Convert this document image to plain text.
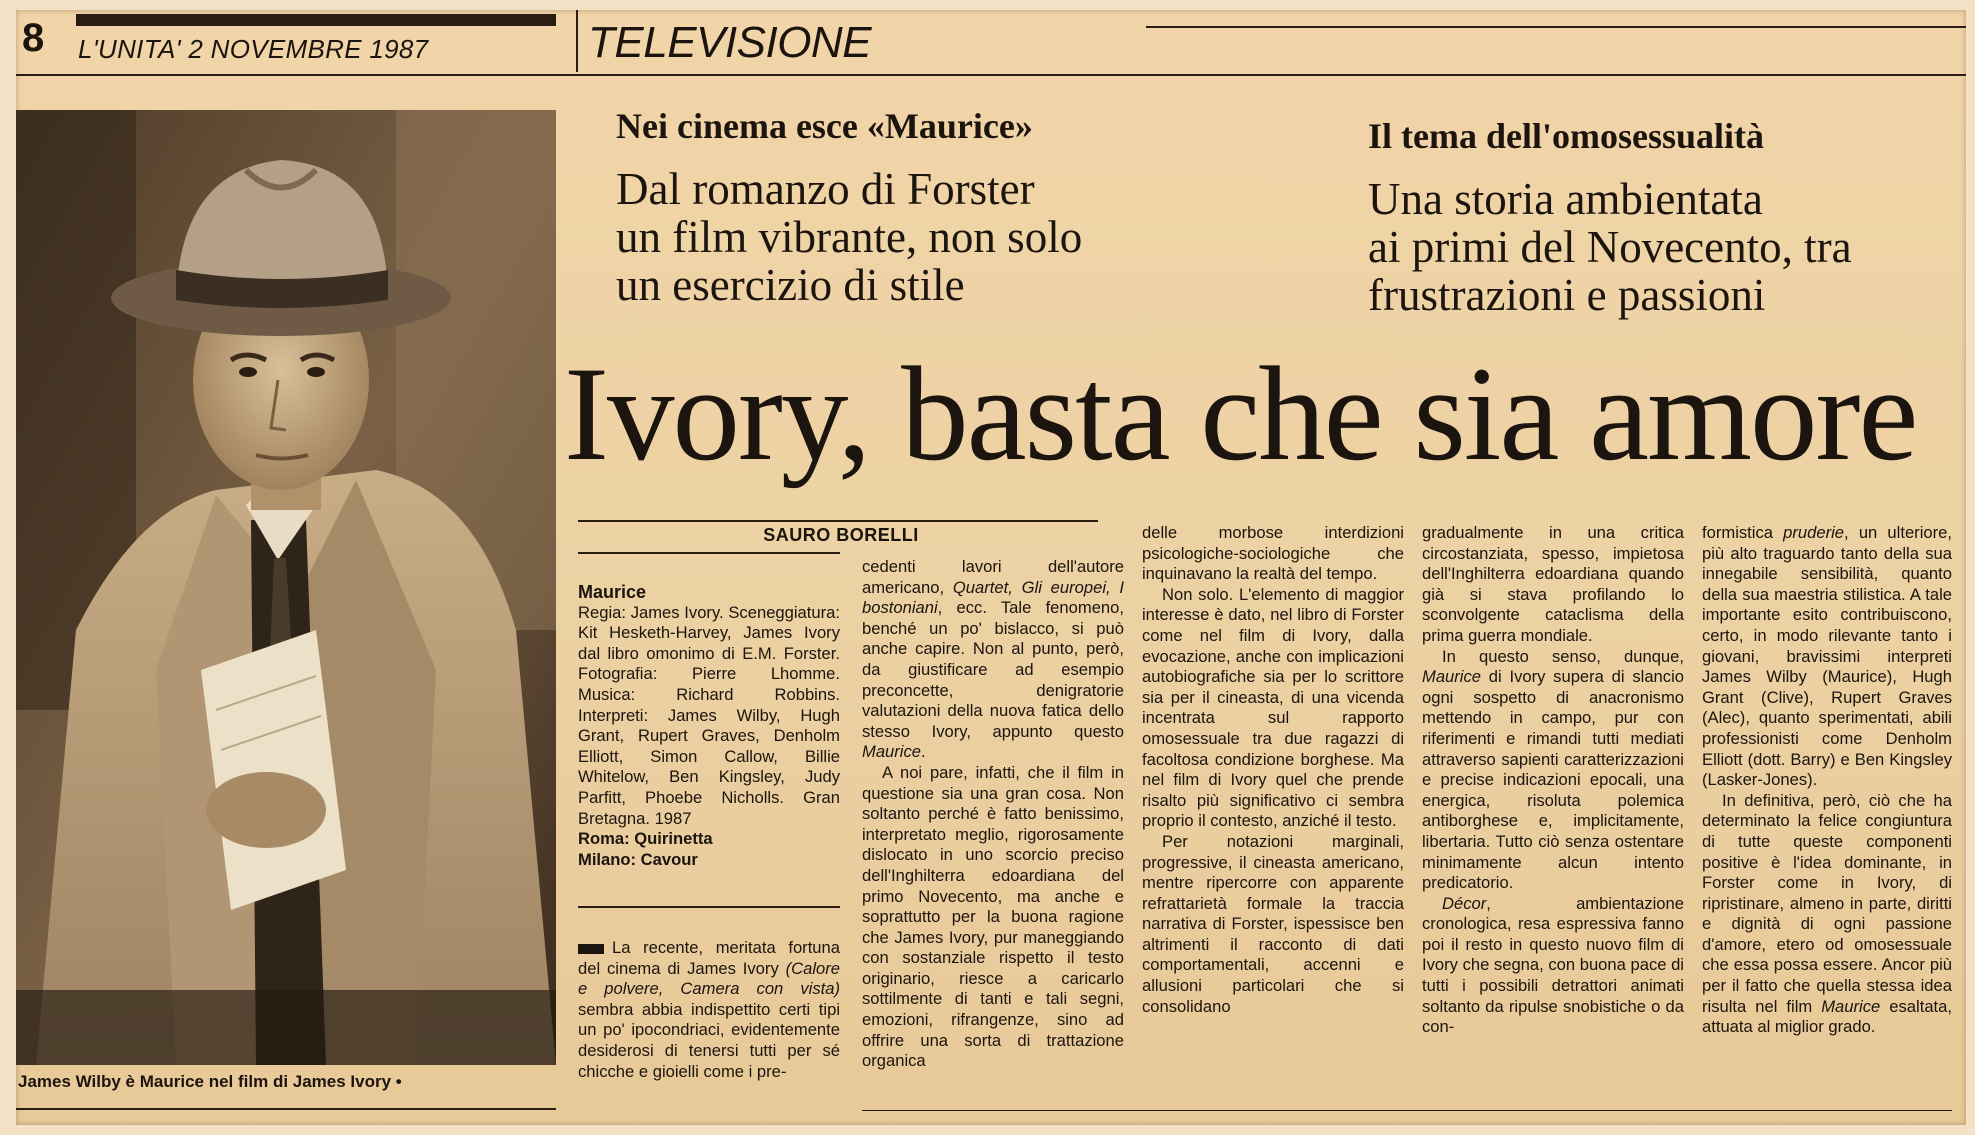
8 L'UNITA' 2 NOVEMBRE 1987	TELEVISIONE
James Wilby è Maurice nel film di James Ivory •
Nei cinema esce «Maurice»
Dal romanzo di Forster
un film vibrante, non solo
un esercizio di stile
Il tema dell'omosessualità
Una storia ambientata
ai primi del Novecento, tra
frustrazioni e passioni
Ivory, basta che sia amore
SAURO BORELLI
Maurice
Regia: James Ivory. Sceneggiatura: Kit Hesketh-Harvey, James Ivory dal libro omonimo di E.M. Forster. Fotografia: Pierre Lhomme. Musica: Richard Robbins. Interpreti: James Wilby, Hugh Grant, Rupert Graves, Denholm Elliott, Simon Callow, Billie Whitelow, Ben Kingsley, Judy Parfitt, Phoebe Nicholls. Gran Bretagna. 1987
Roma: Quirinetta
Milano: Cavour

La recente, meritata fortuna del cinema di James Ivory (Calore e polvere, Camera con vista) sembra abbia indispettito certi tipi un po' ipocondriaci, evidentemente desiderosi di tenersi tutti per sé chicche e gioielli come i pre-

cedenti lavori dell'autore americano, Quartet, Gli europei, I bostoniani, ecc. Tale fenomeno, benché un po' bislacco, si può anche capire. Non al punto, però, da giustificare ad esempio preconcette, denigratorie valutazioni della nuova fatica dello stesso Ivory, appunto questo Maurice.

A noi pare, infatti, che il film in questione sia una gran cosa. Non soltanto perché è fatto benissimo, interpretato meglio, rigorosamente dislocato in uno scorcio preciso dell'Inghilterra edoardiana del primo Novecento, ma anche e soprattutto per la buona ragione che James Ivory, pur maneggiando con sostanziale rispetto il testo originario, riesce a caricarlo sottilmente di tanti e tali segni, emozioni, rifrangenze, sino ad offrire una sorta di trattazione organica

delle morbose interdizioni psicologiche-sociologiche che inquinavano la realtà del tempo.

Non solo. L'elemento di maggior interesse è dato, nel libro di Forster come nel film di Ivory, dalla evocazione, anche con implicazioni autobiografiche sia per lo scrittore sia per il cineasta, di una vicenda incentrata sul rapporto omosessuale tra due ragazzi di facoltosa condizione borghese. Ma nel film di Ivory quel che prende risalto più significativo ci sembra proprio il contesto, anziché il testo.

Per notazioni marginali, progressive, il cineasta americano, mentre ripercorre con apparente refrattarietà formale la traccia narrativa di Forster, ispessisce ben altrimenti il racconto di dati comportamentali, accenni e allusioni particolari che si consolidano

gradualmente in una critica circostanziata, spesso, impietosa dell'Inghilterra edoardiana quando già si stava profilando lo sconvolgente cataclisma della prima guerra mondiale.

In questo senso, dunque, Maurice di Ivory supera di slancio ogni sospetto di anacronismo mettendo in campo, pur con riferimenti e rimandi tutti mediati attraverso sapienti caratterizzazioni e precise indicazioni epocali, una energica, risoluta polemica antiborghese e, implicitamente, libertaria. Tutto ciò senza ostentare minimamente alcun intento predicatorio.

Décor, ambientazione cronologica, resa espressiva fanno poi il resto in questo nuovo film di Ivory che segna, con buona pace di tutti i possibili detrattori animati soltanto da ripulse snobistiche o da con-

formistica pruderie, un ulteriore, più alto traguardo tanto della sua innegabile sensibilità, quanto della sua maestria stilistica. A tale importante esito contribuiscono, certo, in modo rilevante tanto i giovani, bravissimi interpreti James Wilby (Maurice), Hugh Grant (Clive), Rupert Graves (Alec), quanto sperimentati, abili professionisti come Denholm Elliott (dott. Barry) e Ben Kingsley (Lasker-Jones).

In definitiva, però, ciò che ha determinato la felice congiuntura di tutte queste componenti positive è l'idea dominante, in Forster come in Ivory, di ripristinare, almeno in parte, diritti e dignità di ogni passione d'amore, etero od omosessuale che essa possa essere. Ancor più per il fatto che quella stessa idea risulta nel film Maurice esaltata, attuata al miglior grado.
